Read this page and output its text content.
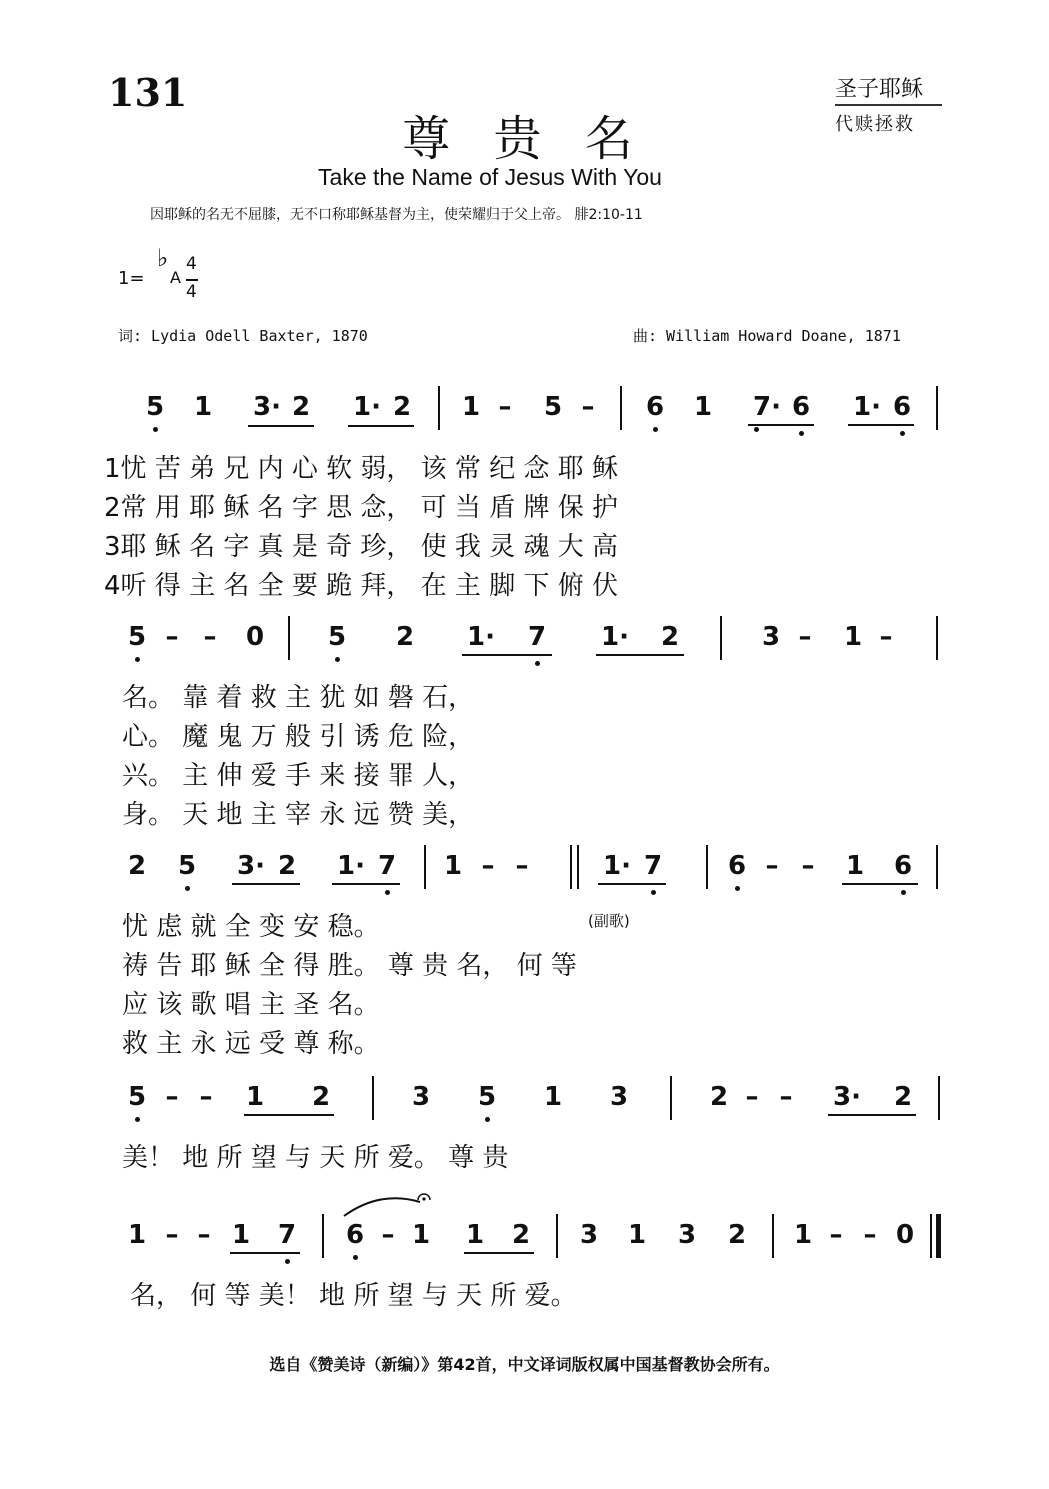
131
尊 贵 名
Take the Name of Jesus With You
因耶稣的名无不屈膝，无不口称耶稣基督为主，使荣耀归于父上帝。 腓2:10-11
圣子耶稣
代赎拯救
1=
♭
A
4
4
词: Lydia Odell Baxter, 1870	曲: William Howard Doane, 1871
5 1 3· 2 1· 2 1 – 5 – 6 1 7· 6 1· 6
1忧 苦 弟 兄 内 心 软 弱， 该 常 纪 念 耶 稣
2常 用 耶 稣 名 字 思 念， 可 当 盾 牌 保 护
3耶 稣 名 字 真 是 奇 珍， 使 我 灵 魂 大 高
4听 得 主 名 全 要 跪 拜， 在 主 脚 下 俯 伏
5 – – 0 5 2 1· 7 1· 2	3 – 1 –
名。 靠 着 救 主 犹 如 磐 石，
心。 魔 鬼 万 般 引 诱 危 险，
兴。 主 伸 爱 手 来 接 罪 人，
身。 天 地 主 宰 永 远 赞 美，
2 5 3· 2 1· 7 1 – –	1· 7	6 – – 1 6
(副歌)
忧 虑 就 全 变 安 稳。
祷 告 耶 稣 全 得 胜。 尊 贵 名， 何 等
应 该 歌 唱 主 圣 名。
救 主 永 远 受 尊 称。
5 – – 1 2	3 5 1 3	2 – – 3· 2
美！ 地 所 望 与 天 所 爱。 尊 贵
1 – – 1 7 6 – 1 1 2 3 1 3 2 1 – – 0
名， 何 等 美！ 地 所 望 与 天 所 爱。
选自《赞美诗（新编）》第42首，中文译词版权属中国基督教协会所有。
